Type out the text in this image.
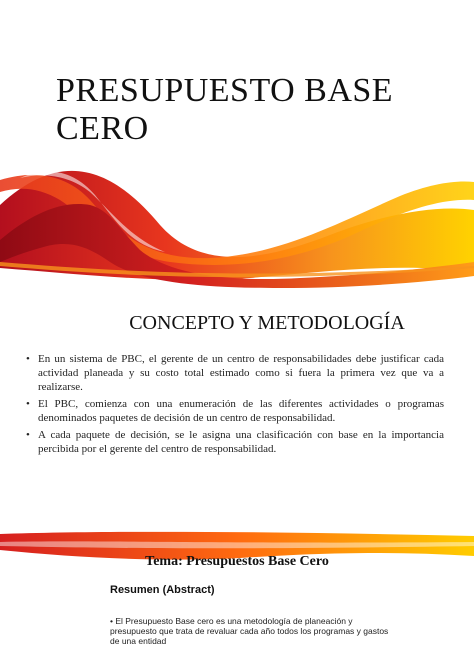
PRESUPUESTO BASE
CERO
CONCEPTO Y METODOLOGÍA
• En un sistema de PBC, el gerente de un centro de responsabilidades debe justificar cada actividad planeada y su costo total estimado como si fuera la primera vez que va a realizarse.
• El PBC, comienza con una enumeración de las diferentes actividades o programas denominados paquetes de decisión de un centro de responsabilidad.
• A cada paquete de decisión, se le asigna una clasificación con base en la importancia percibida por el gerente del centro de responsabilidad.
Tema: Presupuestos Base Cero

Resumen (Abstract)

• El Presupuesto Base cero es una metodología de planeación y presupuesto que trata de revaluar cada año todos los programas y gastos de una entidad
